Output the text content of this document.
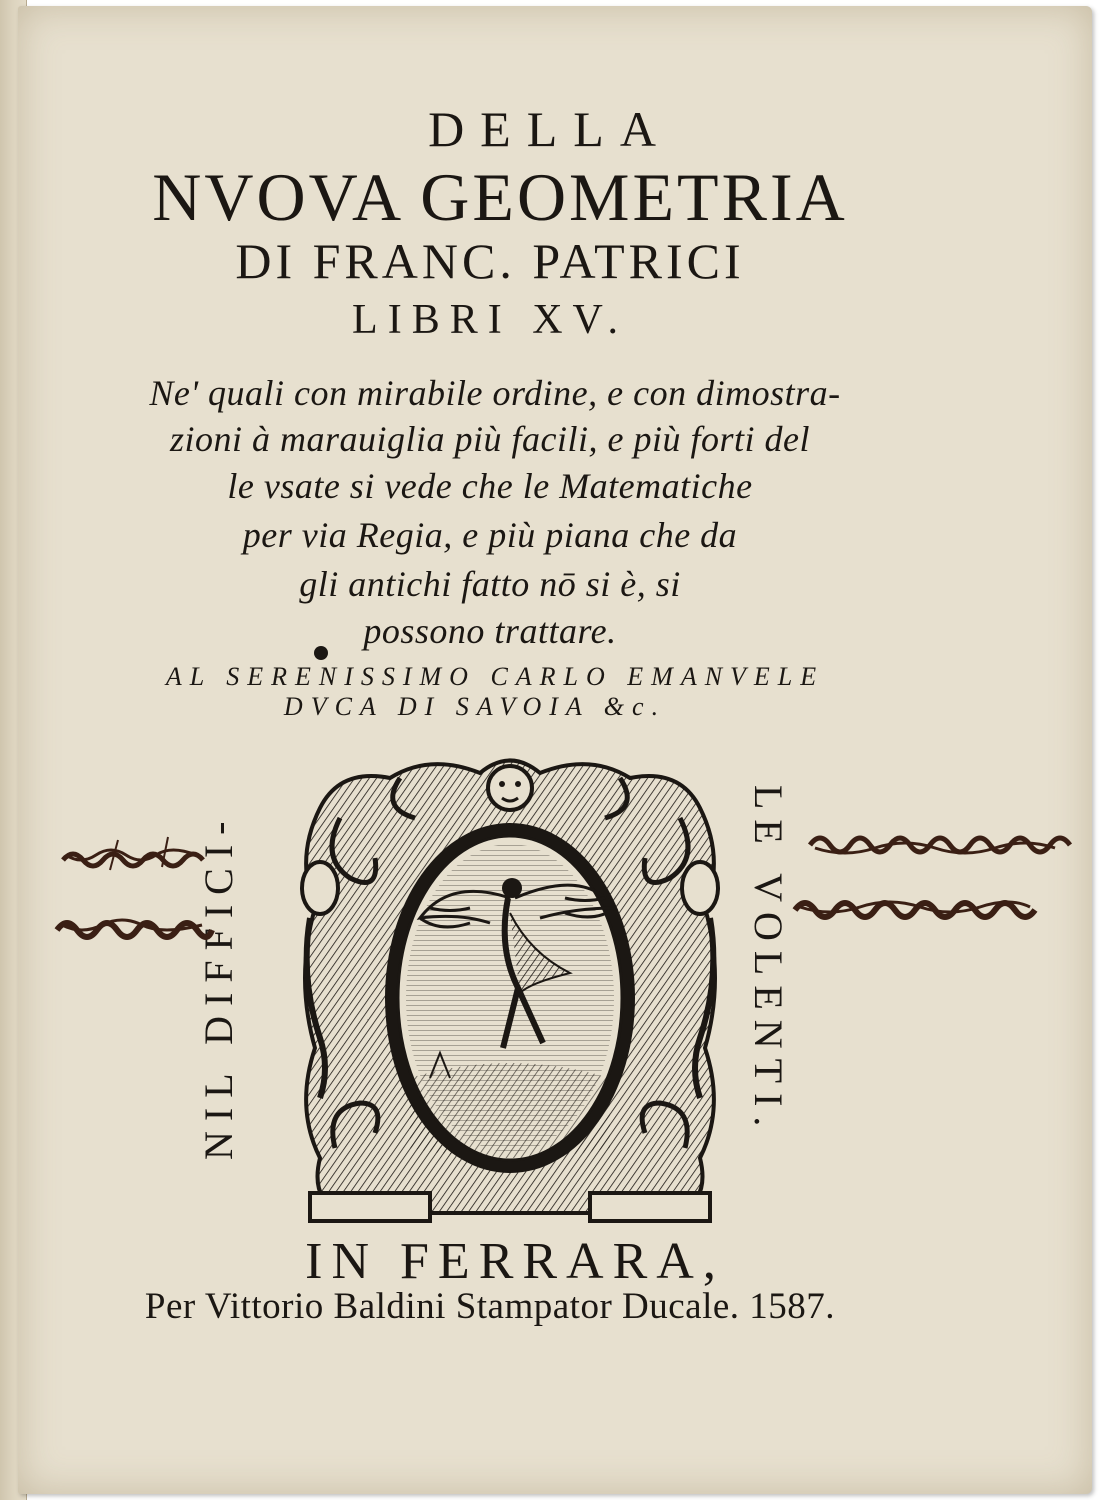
DELLA
NVOVA GEOMETRIA
DI FRANC. PATRICI
LIBRI XV.
Ne' quali con mirabile ordine, e con dimostra-
zioni à marauiglia più facili, e più forti del
le vsate si vede che le Matematiche
per via Regia, e più piana che da
gli antichi fatto nō si è, si
possono trattare.
AL SERENISSIMO CARLO EMANVELE
DVCA DI SAVOIA &c.
NIL DIFFICI-	LE VOLENTI.
IN FERRARA,
Per Vittorio Baldini Stampator Ducale. 1587.
